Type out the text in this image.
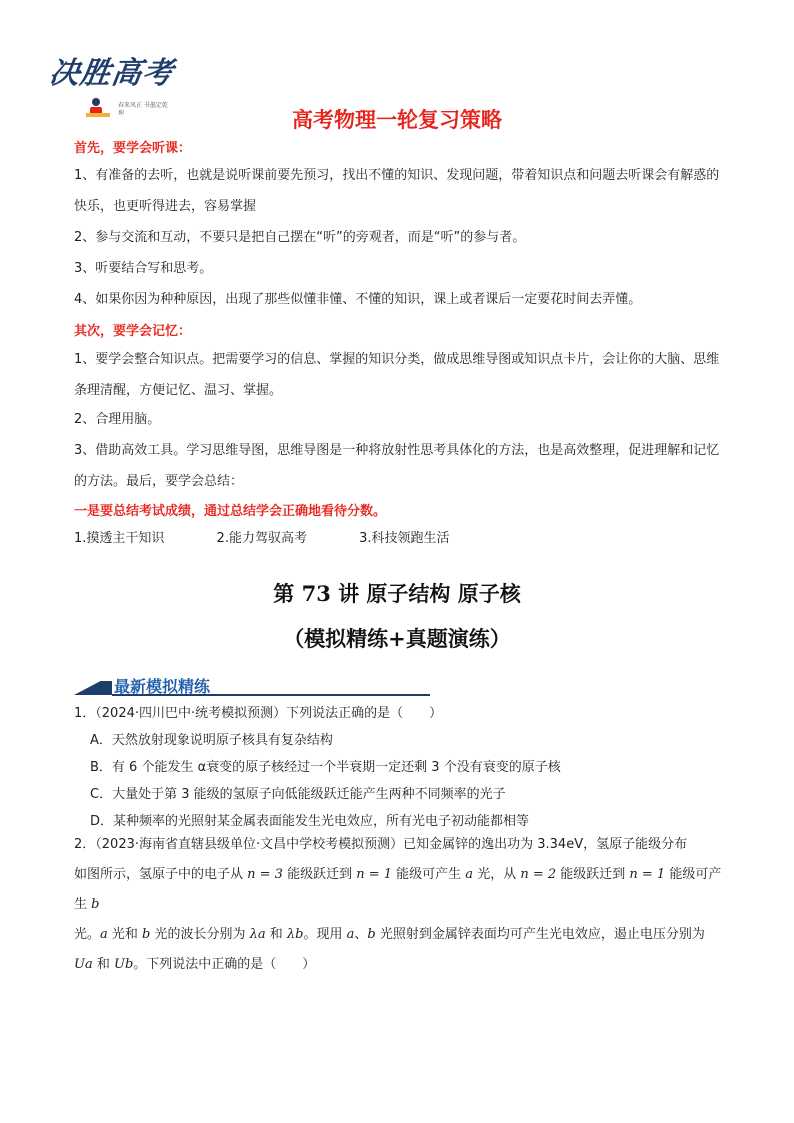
决胜高考
春来风正 书墨定乾坤	高考物理一轮复习策略
首先，要学会听课：
1、有准备的去听，也就是说听课前要先预习，找出不懂的知识、发现问题，带着知识点和问题去听课会有解惑的快乐，也更听得进去，容易掌握
2、参与交流和互动，不要只是把自己摆在“听”的旁观者，而是“听”的参与者。
3、听要结合写和思考。
4、如果你因为种种原因，出现了那些似懂非懂、不懂的知识，课上或者课后一定要花时间去弄懂。
其次，要学会记忆：
1、要学会整合知识点。把需要学习的信息、掌握的知识分类，做成思维导图或知识点卡片，会让你的大脑、思维条理清醒，方便记忆、温习、掌握。
2、合理用脑。
3、借助高效工具。学习思维导图，思维导图是一种将放射性思考具体化的方法，也是高效整理，促进理解和记忆的方法。最后，要学会总结：
一是要总结考试成绩，通过总结学会正确地看待分数。
1.摸透主干知识	2.能力驾驭高考	3.科技领跑生活
第 73 讲 原子结构 原子核
（模拟精练+真题演练）
最新模拟精练
1．（2024·四川巴中·统考模拟预测）下列说法正确的是（　　）
A．天然放射现象说明原子核具有复杂结构
B．有 6 个能发生 α衰变的原子核经过一个半衰期一定还剩 3 个没有衰变的原子核
C．大量处于第 3 能级的氢原子向低能级跃迁能产生两种不同频率的光子
D．某种频率的光照射某金属表面能发生光电效应，所有光电子初动能都相等
2．（2023·海南省直辖县级单位·文昌中学校考模拟预测）已知金属锌的逸出功为 3.34eV，氢原子能级分布
如图所示，氢原子中的电子从 n = 3 能级跃迁到 n = 1 能级可产生 a 光，从 n = 2 能级跃迁到 n = 1 能级可产生 b
光。a 光和 b 光的波长分别为 λa 和 λb。现用 a、b 光照射到金属锌表面均可产生光电效应，遏止电压分别为
Ua 和 Ub。下列说法中正确的是（　　）
